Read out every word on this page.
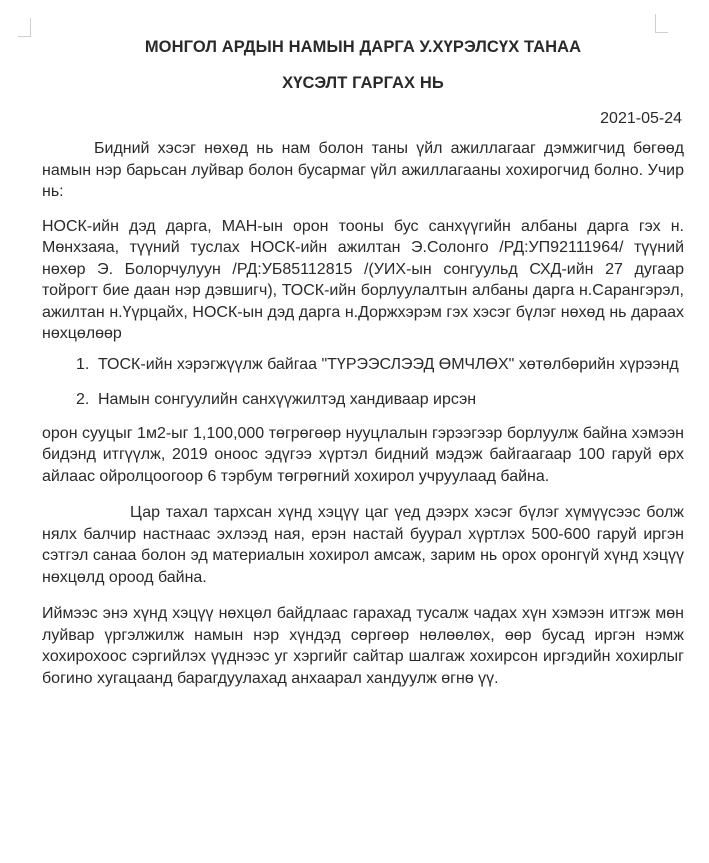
МОНГОЛ АРДЫН НАМЫН ДАРГА У.ХҮРЭЛСҮХ ТАНАА
ХҮСЭЛТ ГАРГАХ НЬ
2021-05-24

Бидний хэсэг нөхөд нь нам болон таны үйл ажиллагааг дэмжигчид бөгөөд намын нэр барьсан луйвар болон бусармаг үйл ажиллагааны хохирогчид болно. Учир нь:

НОСК-ийн дэд дарга, МАН-ын орон тооны бус санхүүгийн албаны дарга гэх н. Мөнхзаяа, түүний туслах НОСК-ийн ажилтан Э.Солонго /РД:УП92111964/ түүний нөхөр Э. Болорчулуун /РД:УБ85112815 /(УИХ-ын сонгуульд СХД-ийн 27 дугаар тойрогт бие даан нэр дэвшигч), ТОСК-ийн борлуулалтын албаны дарга н.Сарангэрэл, ажилтан н.Үүрцайх, НОСК-ын дэд дарга н.Доржхэрэм гэх хэсэг бүлэг нөхөд нь дараах нөхцөлөөр

1. ТОСК-ийн хэрэгжүүлж байгаа "ТҮРЭЭСЛЭЭД ӨМЧЛӨХ" хөтөлбөрийн хүрээнд
2. Намын сонгуулийн санхүүжилтэд хандиваар ирсэн

орон сууцыг 1м2-ыг 1,100,000 төгрөгөөр нууцлалын гэрээгээр борлуулж байна хэмээн бидэнд итгүүлж, 2019 оноос эдүгээ хүртэл бидний мэдэж байгаагаар 100 гаруй өрх айлаас ойролцоогоор 6 тэрбум төгрөгний хохирол учруулаад байна.

Цар тахал тархсан хүнд хэцүү цаг үед дээрх хэсэг бүлэг хүмүүсээс болж нялх балчир настнаас эхлээд ная, ерэн настай буурал хүртлэх 500-600 гаруй иргэн сэтгэл санаа болон эд материалын хохирол амсаж, зарим нь орох оронгүй хүнд хэцүү нөхцөлд ороод байна.

Иймээс энэ хүнд хэцүү нөхцөл байдлаас гарахад тусалж чадах хүн хэмээн итгэж мөн луйвар үргэлжилж намын нэр хүндэд сөргөөр нөлөөлөх, өөр бусад иргэн нэмж хохирохоос сэргийлэх үүднээс уг хэргийг сайтар шалгаж хохирсон иргэдийн хохирлыг богино хугацаанд барагдуулахад анхаарал хандуулж өгнө үү.
